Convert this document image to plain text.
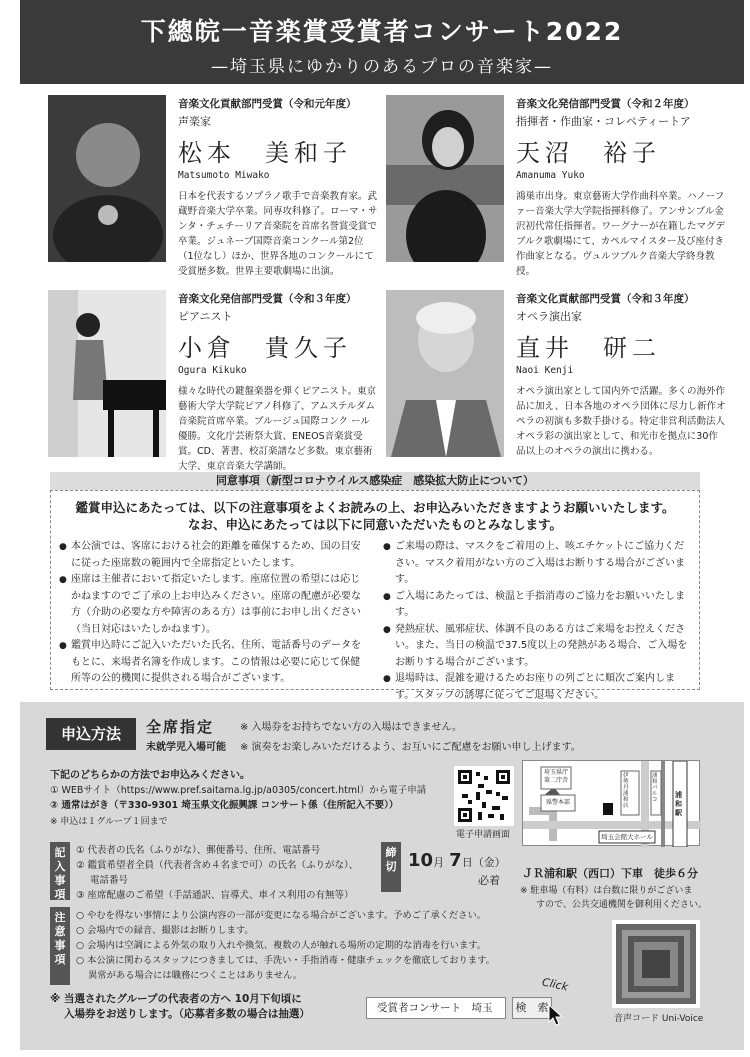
下總皖一音楽賞受賞者コンサート2022
—埼玉県にゆかりのあるプロの音楽家—
音楽文化貢献部門受賞（令和元年度）
声楽家
松本　美和子
Matsumoto Miwako
日本を代表するソプラノ歌手で音楽教育家。武蔵野音楽大学卒業。同専攻科修了。ローマ・サンタ・チェチーリア音楽院を首席名誉賞受賞で卒業。ジュネーブ国際音楽コンクール第2位（1位なし）ほか、世界各地のコンクールにて受賞歴多数。世界主要歌劇場に出演。
音楽文化発信部門受賞（令和２年度）
指揮者・作曲家・コレペティートア
天沼　裕子
Amanuma Yuko
鴻巣市出身。東京藝術大学作曲科卒業。ハノーファー音楽大学大学院指揮科修了。アンサンブル金沢初代常任指揮者。ワーグナーが在籍したマグデブルク歌劇場にて、カペルマイスター及び座付き作曲家となる。ヴュルツブルク音楽大学終身教授。
音楽文化発信部門受賞（令和３年度）
ピアニスト
小倉　貴久子
Ogura Kikuko
様々な時代の鍵盤楽器を弾くピアニスト。東京藝術大学大学院ピアノ科修了、アムステルダム音楽院首席卒業。ブルージュ国際コンク ール優勝。文化庁芸術祭大賞、ENEOS音楽賞受賞。CD、著書、校訂楽譜など多数。東京藝術大学、東京音楽大学講師。
音楽文化貢献部門受賞（令和３年度）
オペラ演出家
直井　研二
Naoi Kenji
オペラ演出家として国内外で活躍。多くの海外作品に加え、日本各地のオペラ団体に尽力し新作オペラの初演も多数手掛ける。特定非営利活動法人オペラ彩の演出家として、和光市を拠点に30作品以上のオペラの演出に携わる。
同意事項（新型コロナウイルス感染症　感染拡大防止について）
鑑賞申込にあたっては、以下の注意事項をよくお読みの上、お申込みいただきますようお願いいたします。
なお、申込にあたっては以下に同意いただいたものとみなします。
● 本公演では、客席における社会的距離を確保するため、国の目安に従った座席数の範囲内で全席指定といたします。
● 座席は主催者において指定いたします。座席位置の希望には応じかねますのでご了承の上お申込みください。座席の配慮が必要な方（介助の必要な方や障害のある方）は事前にお申し出ください（当日対応はいたしかねます）。
● 鑑賞申込時にご記入いただいた氏名、住所、電話番号のデータをもとに、来場者名簿を作成します。この情報は必要に応じて保健所等の公的機関に提供される場合がございます。
● ご来場の際は、マスクをご着用の上、咳エチケットにご協力ください。マスク着用がない方のご入場はお断りする場合がございます。
● ご入場にあたっては、検温と手指消毒のご協力をお願いいたします。
● 発熱症状、風邪症状、体調不良のある方はご来場をお控えください。また、当日の検温で37.5度以上の発熱がある場合、ご入場をお断りする場合がございます。
● 退場時は、混雑を避けるためお座りの列ごとに順次ご案内します。スタッフの誘導に従ってご退場ください。
申込方法	全席指定	※ 入場券をお持ちでない方の入場はできません。
未就学児入場可能 ※ 演奏をお楽しみいただけるよう、お互いにご配慮をお願い申し上げます。
下記のどちらかの方法でお申込みください。
① WEBサイト（https://www.pref.saitama.lg.jp/a0305/concert.html）から電子申請
② 通常はがき（〒330-9301 埼玉県文化振興課 コンサート係（住所記入不要））
※ 申込は１グループ１回まで
電子申請画面
埼玉県庁
第二庁舎
県警本部
浦和駅
埼玉会館大ホール
伊勢丹浦和店
浦和パルコ
記入事項
① 代表者の氏名（ふりがな）、郵便番号、住所、電話番号
② 鑑賞希望者全員（代表者含め４名まで可）の氏名（ふりがな）、
電話番号
③ 座席配慮のご希望（手話通訳、盲導犬、車イス利用の有無等）
締切 10月 7日（金）
必着
ＪＲ浦和駅（西口）下車　徒歩６分
※ 駐車場（有料）は台数に限りがございま
すので、公共交通機関を御利用ください。
注意事項
○ やむを得ない事情により公演内容の一部が変更になる場合がございます。予めご了承ください。
○ 会場内での録音、撮影はお断りします。
○ 会場内は空調による外気の取り入れや換気、複数の人が触れる場所の定期的な消毒を行います。
○ 本公演に関わるスタッフにつきましては、手洗い・手指消毒・健康チェックを徹底しております。
異常がある場合には職務につくことはありません。
※ 当選されたグループの代表者の方へ 10月下旬頃に
入場券をお送りします。（応募者多数の場合は抽選）	受賞者コンサート　埼玉	検　索
Click
音声コード Uni-Voice
